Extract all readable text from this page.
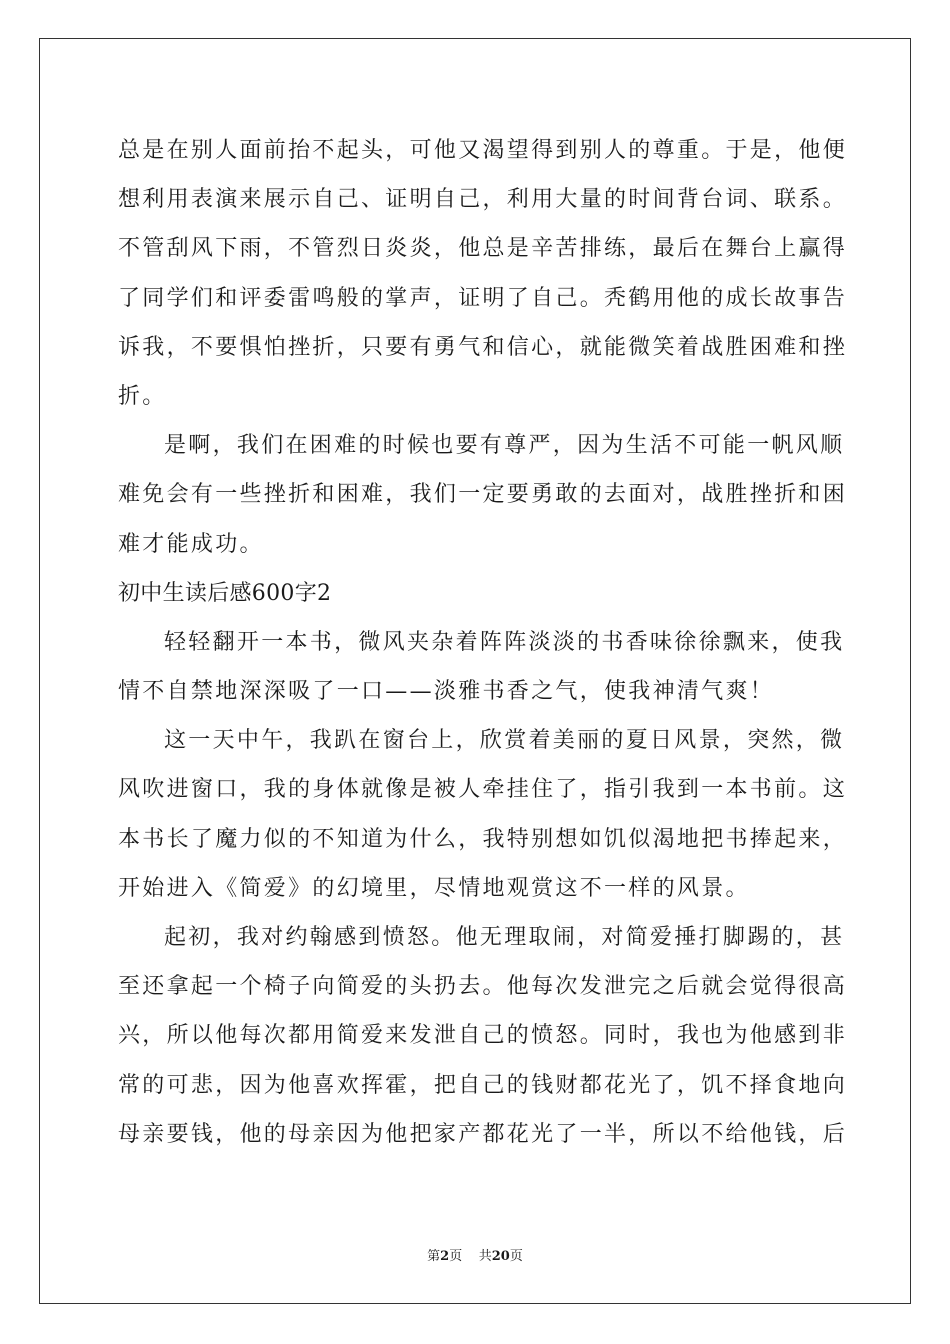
总是在别人面前抬不起头，可他又渴望得到别人的尊重。于是，他便
想利用表演来展示自己、证明自己，利用大量的时间背台词、联系。
不管刮风下雨，不管烈日炎炎，他总是辛苦排练，最后在舞台上赢得
了同学们和评委雷鸣般的掌声，证明了自己。秃鹤用他的成长故事告
诉我，不要惧怕挫折，只要有勇气和信心，就能微笑着战胜困难和挫
折。
是啊，我们在困难的时候也要有尊严，因为生活不可能一帆风顺
难免会有一些挫折和困难，我们一定要勇敢的去面对，战胜挫折和困
难才能成功。
初中生读后感600字2
轻轻翻开一本书，微风夹杂着阵阵淡淡的书香味徐徐飘来，使我
情不自禁地深深吸了一口——淡雅书香之气，使我神清气爽！
这一天中午，我趴在窗台上，欣赏着美丽的夏日风景，突然，微
风吹进窗口，我的身体就像是被人牵挂住了，指引我到一本书前。这
本书长了魔力似的不知道为什么，我特别想如饥似渴地把书捧起来，
开始进入《简爱》的幻境里，尽情地观赏这不一样的风景。
起初，我对约翰感到愤怒。他无理取闹，对简爱捶打脚踢的，甚
至还拿起一个椅子向简爱的头扔去。他每次发泄完之后就会觉得很高
兴，所以他每次都用简爱来发泄自己的愤怒。同时，我也为他感到非
常的可悲，因为他喜欢挥霍，把自己的钱财都花光了，饥不择食地向
母亲要钱，他的母亲因为他把家产都花光了一半，所以不给他钱，后
第2页 共20页
